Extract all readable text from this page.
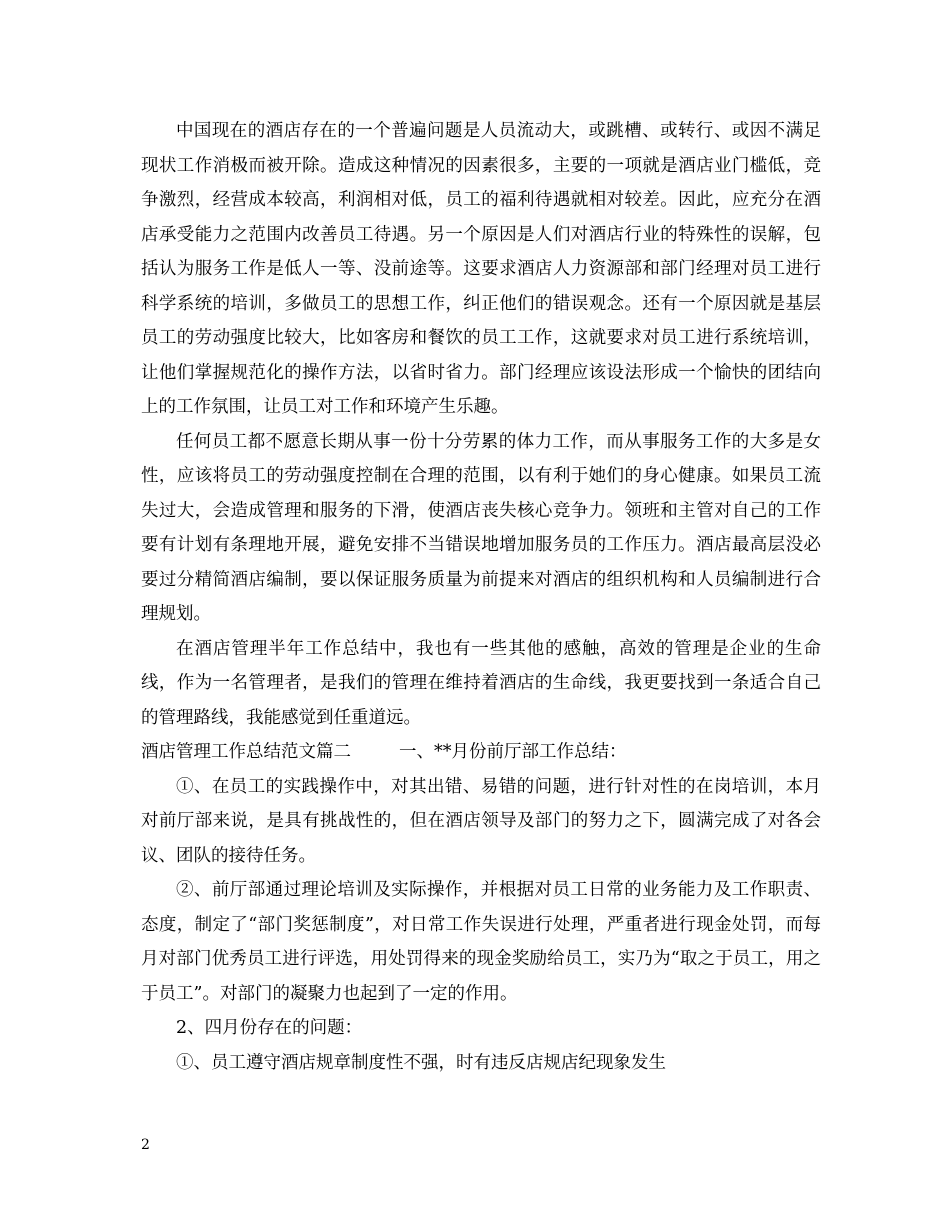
中国现在的酒店存在的一个普遍问题是人员流动大，或跳槽、或转行、或因不满足现状工作消极而被开除。造成这种情况的因素很多，主要的一项就是酒店业门槛低，竞争激烈，经营成本较高，利润相对低，员工的福利待遇就相对较差。因此，应充分在酒店承受能力之范围内改善员工待遇。另一个原因是人们对酒店行业的特殊性的误解，包括认为服务工作是低人一等、没前途等。这要求酒店人力资源部和部门经理对员工进行科学系统的培训，多做员工的思想工作，纠正他们的错误观念。还有一个原因就是基层员工的劳动强度比较大，比如客房和餐饮的员工工作，这就要求对员工进行系统培训，让他们掌握规范化的操作方法，以省时省力。部门经理应该设法形成一个愉快的团结向上的工作氛围，让员工对工作和环境产生乐趣。

任何员工都不愿意长期从事一份十分劳累的体力工作，而从事服务工作的大多是女性，应该将员工的劳动强度控制在合理的范围，以有利于她们的身心健康。如果员工流失过大，会造成管理和服务的下滑，使酒店丧失核心竞争力。领班和主管对自己的工作要有计划有条理地开展，避免安排不当错误地增加服务员的工作压力。酒店最高层没必要过分精简酒店编制，要以保证服务质量为前提来对酒店的组织机构和人员编制进行合理规划。

在酒店管理半年工作总结中，我也有一些其他的感触，高效的管理是企业的生命线，作为一名管理者，是我们的管理在维持着酒店的生命线，我更要找到一条适合自己的管理路线，我能感觉到任重道远。

酒店管理工作总结范文篇二	一、**月份前厅部工作总结：

①、在员工的实践操作中，对其出错、易错的问题，进行针对性的在岗培训，本月对前厅部来说，是具有挑战性的，但在酒店领导及部门的努力之下，圆满完成了对各会议、团队的接待任务。

②、前厅部通过理论培训及实际操作，并根据对员工日常的业务能力及工作职责、态度，制定了“部门奖惩制度”，对日常工作失误进行处理，严重者进行现金处罚，而每月对部门优秀员工进行评选，用处罚得来的现金奖励给员工，实乃为“取之于员工，用之于员工”。对部门的凝聚力也起到了一定的作用。

2、四月份存在的问题：

①、员工遵守酒店规章制度性不强，时有违反店规店纪现象发生

2
